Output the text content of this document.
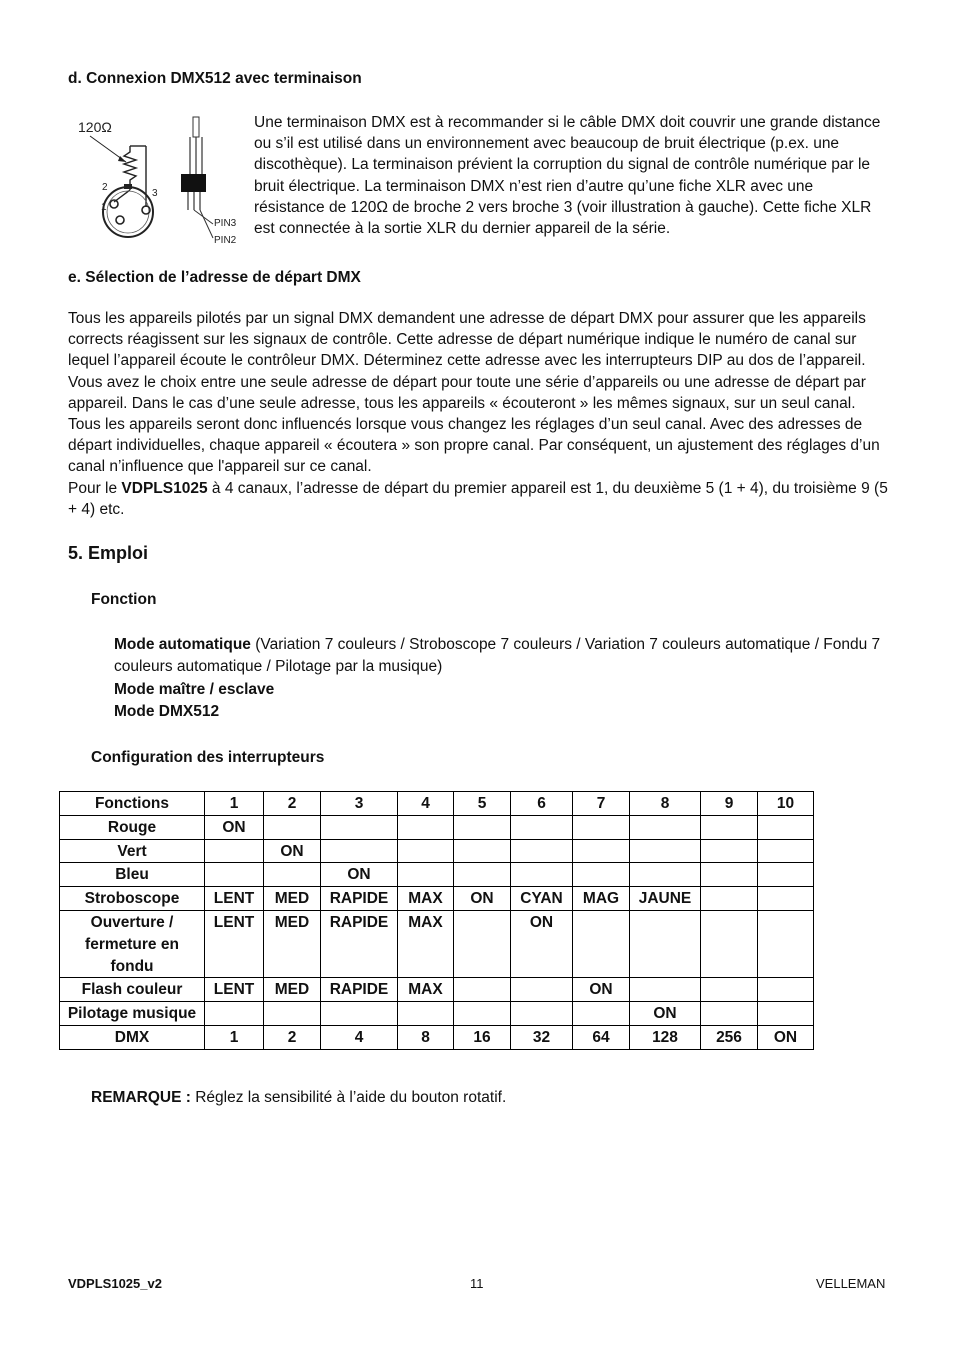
d. Connexion DMX512 avec terminaison
120Ω
2
3
1
PIN3
PIN2
Une terminaison DMX est à recommander si le câble DMX doit couvrir une grande distance ou s’il est utilisé dans un environnement avec beaucoup de bruit électrique (p.ex. une discothèque). La terminaison prévient la corruption du signal de contrôle numérique par le bruit électrique. La terminaison DMX n’est rien d’autre qu’une fiche XLR avec une résistance de 120Ω de broche 2 vers broche 3 (voir illustration à gauche). Cette fiche XLR est connectée à la sortie XLR du dernier appareil de la série.
e. Sélection de l’adresse de départ DMX
Tous les appareils pilotés par un signal DMX demandent une adresse de départ DMX pour assurer que les appareils corrects réagissent sur les signaux de contrôle. Cette adresse de départ numérique indique le numéro de canal sur lequel l’appareil écoute le contrôleur DMX. Déterminez cette adresse avec les interrupteurs DIP au dos de l’appareil. Vous avez le choix entre une seule adresse de départ pour toute une série d’appareils ou une adresse de départ par appareil. Dans le cas d’une seule adresse, tous les appareils « écouteront » les mêmes signaux, sur un seul canal. Tous les appareils seront donc influencés lorsque vous changez les réglages d’un seul canal. Avec des adresses de départ individuelles, chaque appareil « écoutera » son propre canal. Par conséquent, un ajustement des réglages d’un canal n’influence que l'appareil sur ce canal.
Pour le VDPLS1025 à 4 canaux, l’adresse de départ du premier appareil est 1, du deuxième 5 (1 + 4), du troisième 9 (5 + 4) etc.
5. Emploi
Fonction
Mode automatique (Variation 7 couleurs / Stroboscope 7 couleurs / Variation 7 couleurs automatique / Fondu 7 couleurs automatique / Pilotage par la musique)
Mode maître / esclave
Mode DMX512
Configuration des interrupteurs
Fonctions	1	2	3	4	5	6	7	8	9	10
Rouge	ON									
Vert		ON								
Bleu			ON							
Stroboscope	LENT	MED	RAPIDE	MAX	ON	CYAN	MAG	JAUNE		
Ouverture / fermeture en fondu	LENT	MED	RAPIDE	MAX		ON				
Flash couleur	LENT	MED	RAPIDE	MAX			ON			
Pilotage musique								ON		
DMX	1	2	4	8	16	32	64	128	256	ON
REMARQUE : Réglez la sensibilité à l’aide du bouton rotatif.
VDPLS1025_v2	11	VELLEMAN
